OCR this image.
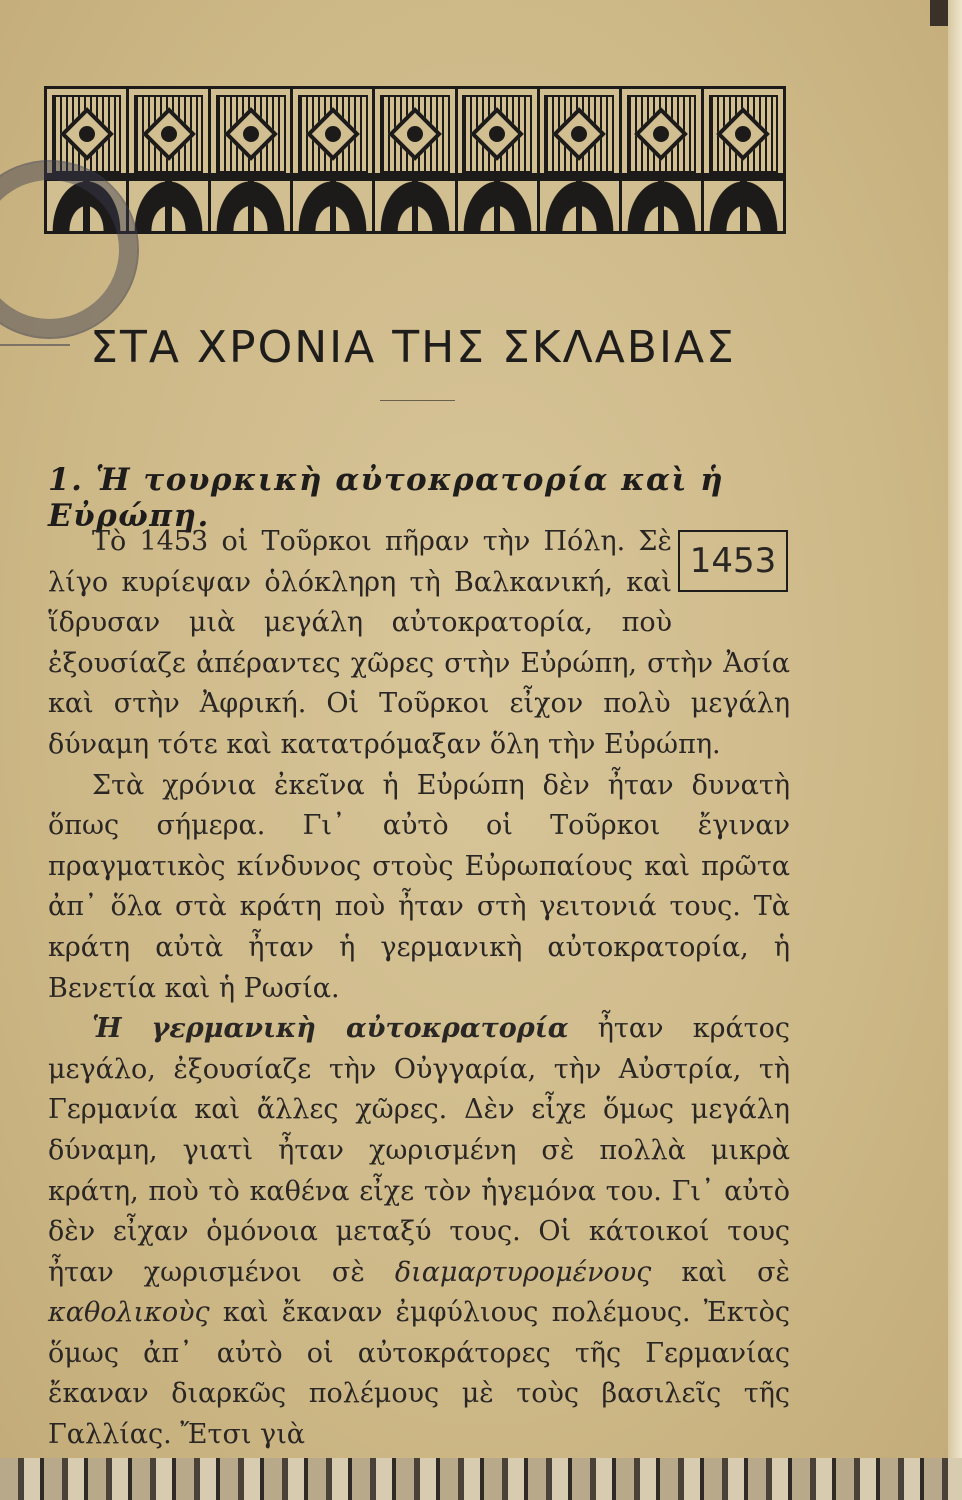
ΣΤΑ ΧΡΟΝΙΑ ΤΗΣ ΣΚΛΑΒΙΑΣ
1. Ἡ τουρκικὴ αὐτοκρατορία καὶ ἡ Εὐρώπη.
1453

Τὸ 1453 οἱ Τοῦρκοι πῆραν τὴν Πόλη. Σὲ λίγο κυρίεψαν ὁλόκληρη τὴ Βαλκανική, καὶ ἵδρυσαν μιὰ μεγάλη αὐτοκρατορία, ποὺ ἐξουσίαζε ἀπέραντες χῶρες στὴν Εὐρώπη, στὴν Ἀσία καὶ στὴν Ἀφρική. Οἱ Τοῦρκοι εἶχον πολὺ μεγάλη δύναμη τότε καὶ κατατρόμαξαν ὅλη τὴν Εὐρώπη.

Στὰ χρόνια ἐκεῖνα ἡ Εὐρώπη δὲν ἦταν δυνατὴ ὅπως σήμερα. Γι᾽ αὐτὸ οἱ Τοῦρκοι ἔγιναν πραγματικὸς κίνδυνος στοὺς Εὐρωπαίους καὶ πρῶτα ἀπ᾽ ὅλα στὰ κράτη ποὺ ἦταν στὴ γειτονιά τους. Τὰ κράτη αὐτὰ ἦταν ἡ γερμανικὴ αὐτοκρατορία, ἡ Βενετία καὶ ἡ Ρωσία.

Ἡ γερμανικὴ αὐτοκρατορία ἦταν κράτος μεγάλο, ἐξουσίαζε τὴν Οὐγγαρία, τὴν Αὐστρία, τὴ Γερμανία καὶ ἄλλες χῶρες. Δὲν εἶχε ὅμως μεγάλη δύναμη, γιατὶ ἦταν χωρισμένη σὲ πολλὰ μικρὰ κράτη, ποὺ τὸ καθένα εἶχε τὸν ἡγεμόνα του. Γι᾽ αὐτὸ δὲν εἶχαν ὁμόνοια μεταξύ τους. Οἱ κάτοικοί τους ἦταν χωρισμένοι σὲ διαμαρτυρομένους καὶ σὲ καθολικοὺς καὶ ἔκαναν ἐμφύλιους πολέμους. Ἐκτὸς ὅμως ἀπ᾽ αὐτὸ οἱ αὐτοκράτορες τῆς Γερμανίας ἔκαναν διαρκῶς πολέμους μὲ τοὺς βασιλεῖς τῆς Γαλλίας. Ἔτσι γιὰ
